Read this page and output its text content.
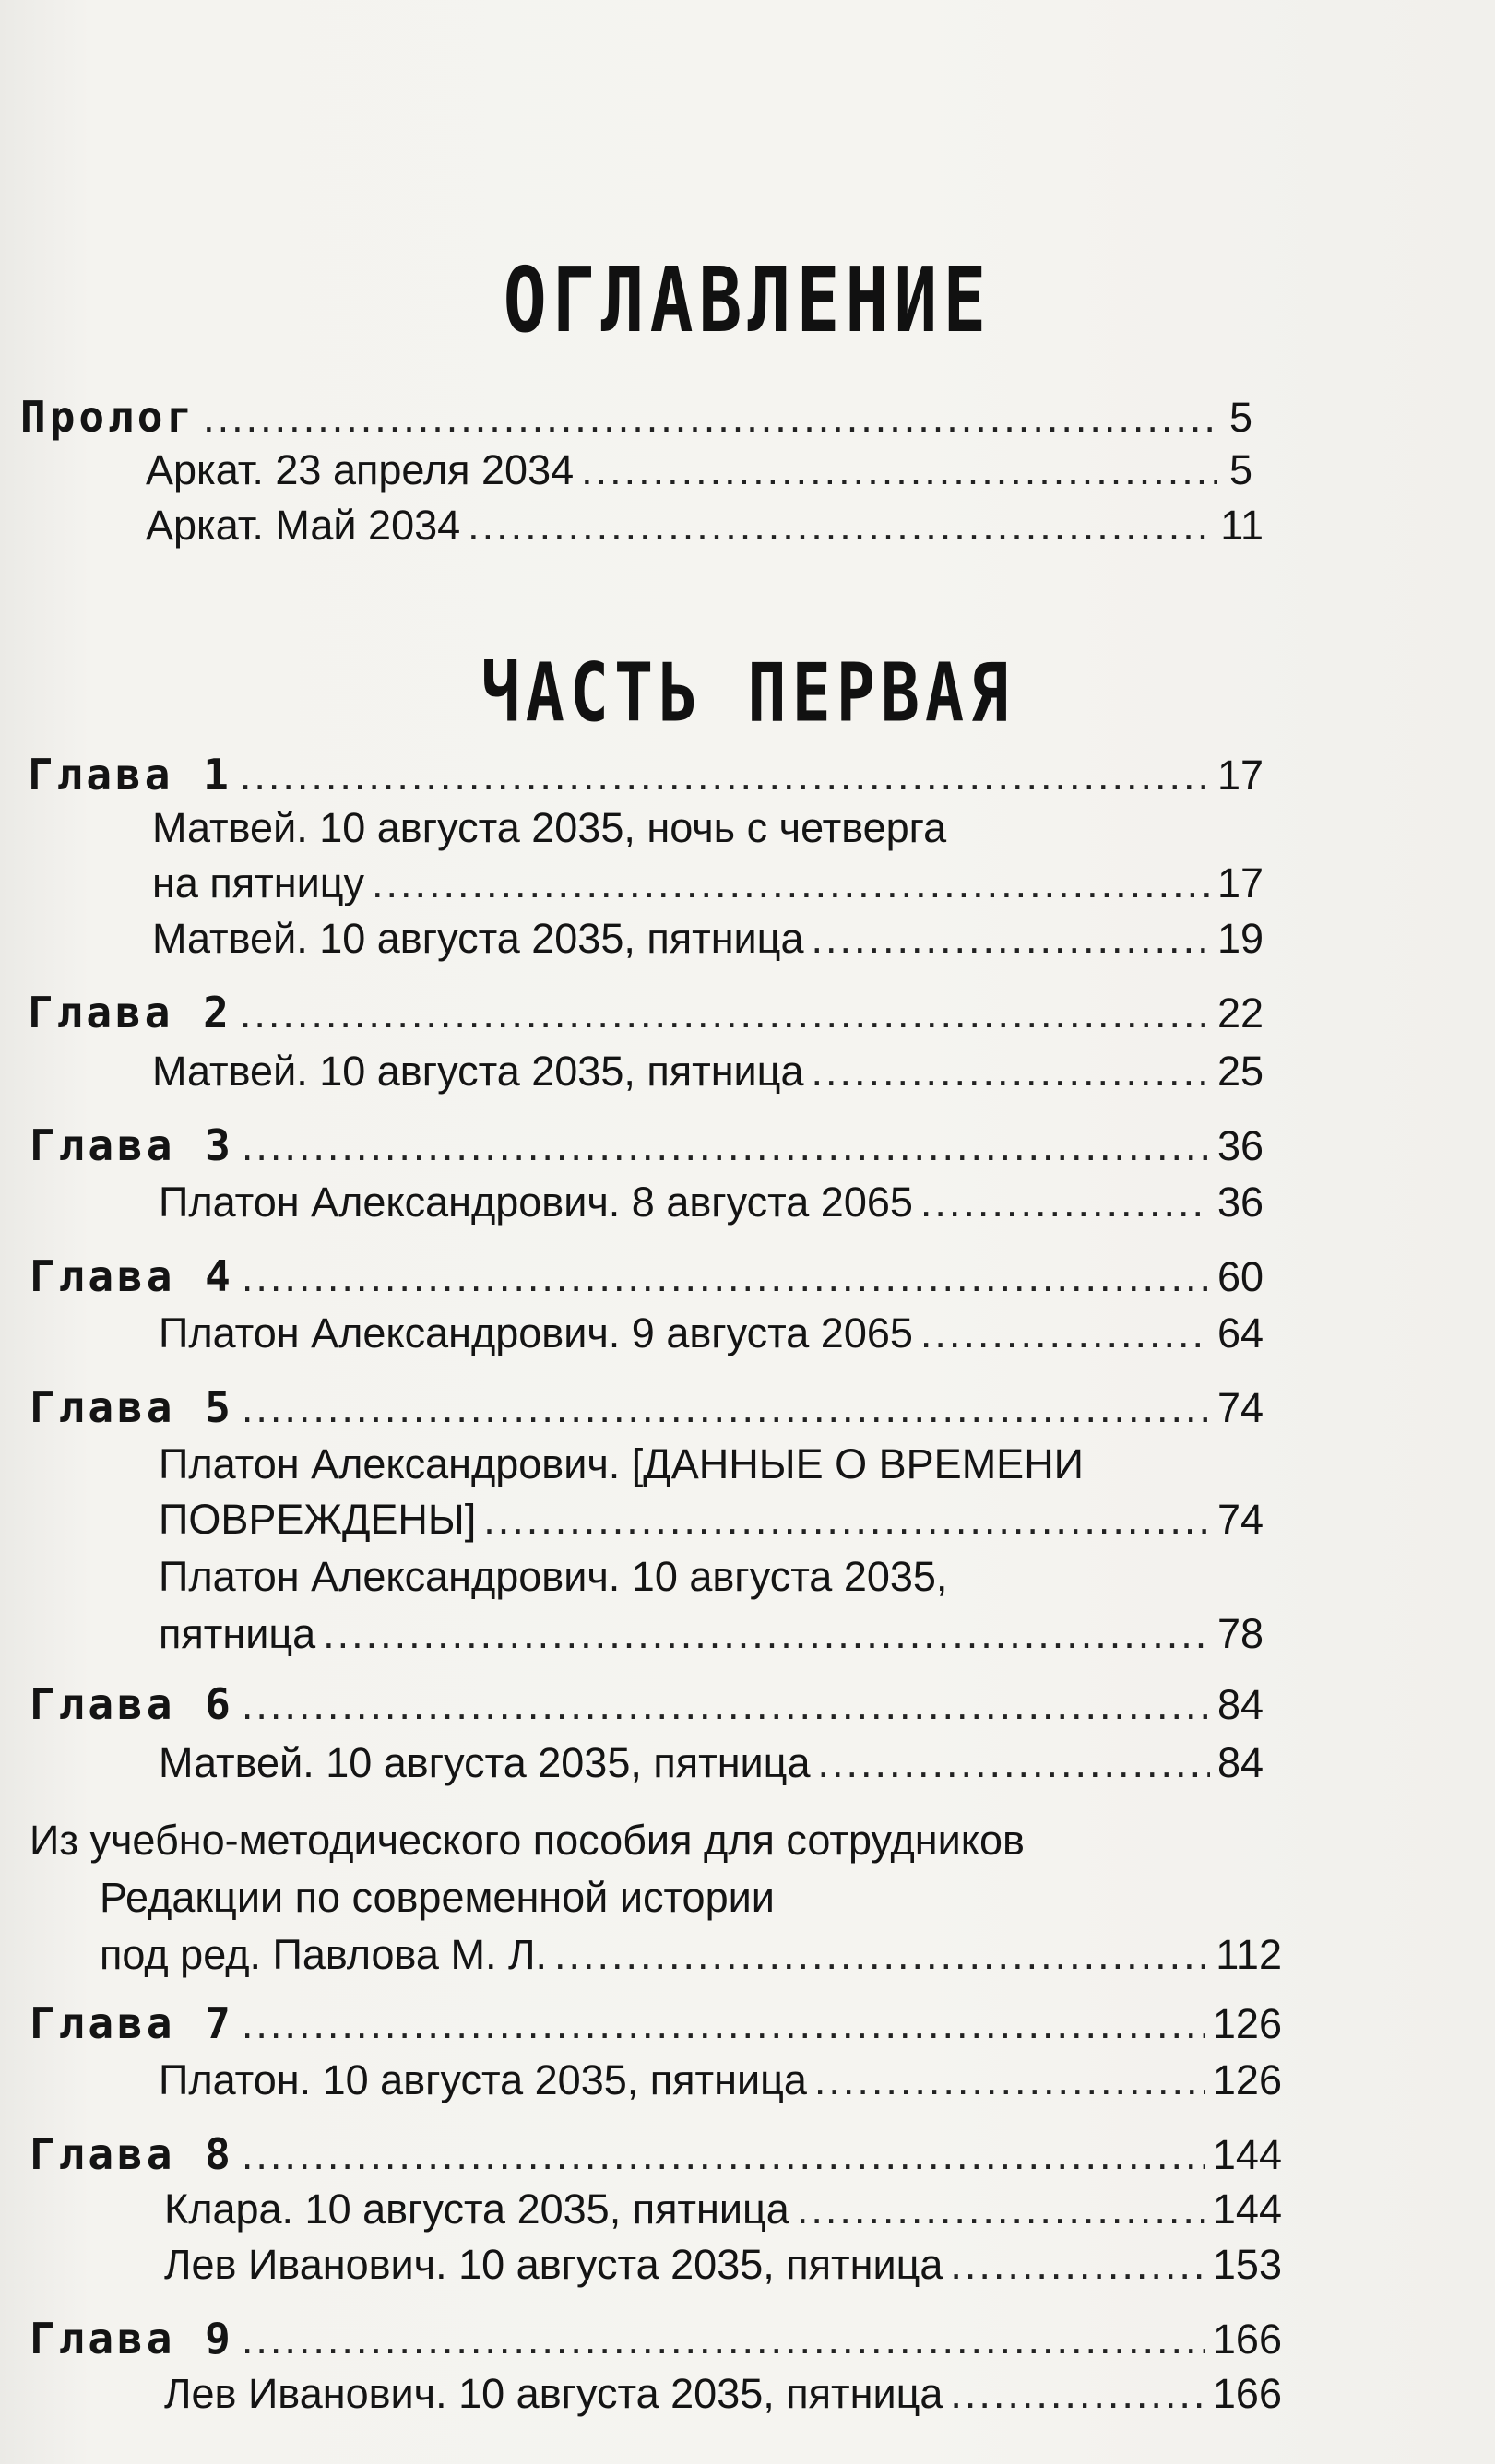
ОГЛАВЛЕНИЕ
Пролог .....	5
Аркат. 23 апреля 2034 .....	5
Аркат. Май 2034 .....	11
ЧАСТЬ ПЕРВАЯ
Глава 1 .....	17
Матвей. 10 августа 2035, ночь с четверга
на пятницу .....	17
Матвей. 10 августа 2035, пятница .....	19
Глава 2 .....	22
Матвей. 10 августа 2035, пятница .....	25
Глава 3 .....	36
Платон Александрович. 8 августа 2065 .....	36
Глава 4 .....	60
Платон Александрович. 9 августа 2065 .....	64
Глава 5 .....	74
Платон Александрович. [ДАННЫЕ О ВРЕМЕНИ
ПОВРЕЖДЕНЫ] .....	74
Платон Александрович. 10 августа 2035,
пятница .....	78
Глава 6 .....	84
Матвей. 10 августа 2035, пятница .....	84
Из учебно-методического пособия для сотрудников
Редакции по современной истории
под ред. Павлова М. Л. .....	112
Глава 7 .....	126
Платон. 10 августа 2035, пятница .....	126
Глава 8 .....	144
Клара. 10 августа 2035, пятница .....	144
Лев Иванович. 10 августа 2035, пятница .....	153
Глава 9 .....	166
Лев Иванович. 10 августа 2035, пятница .....	166
